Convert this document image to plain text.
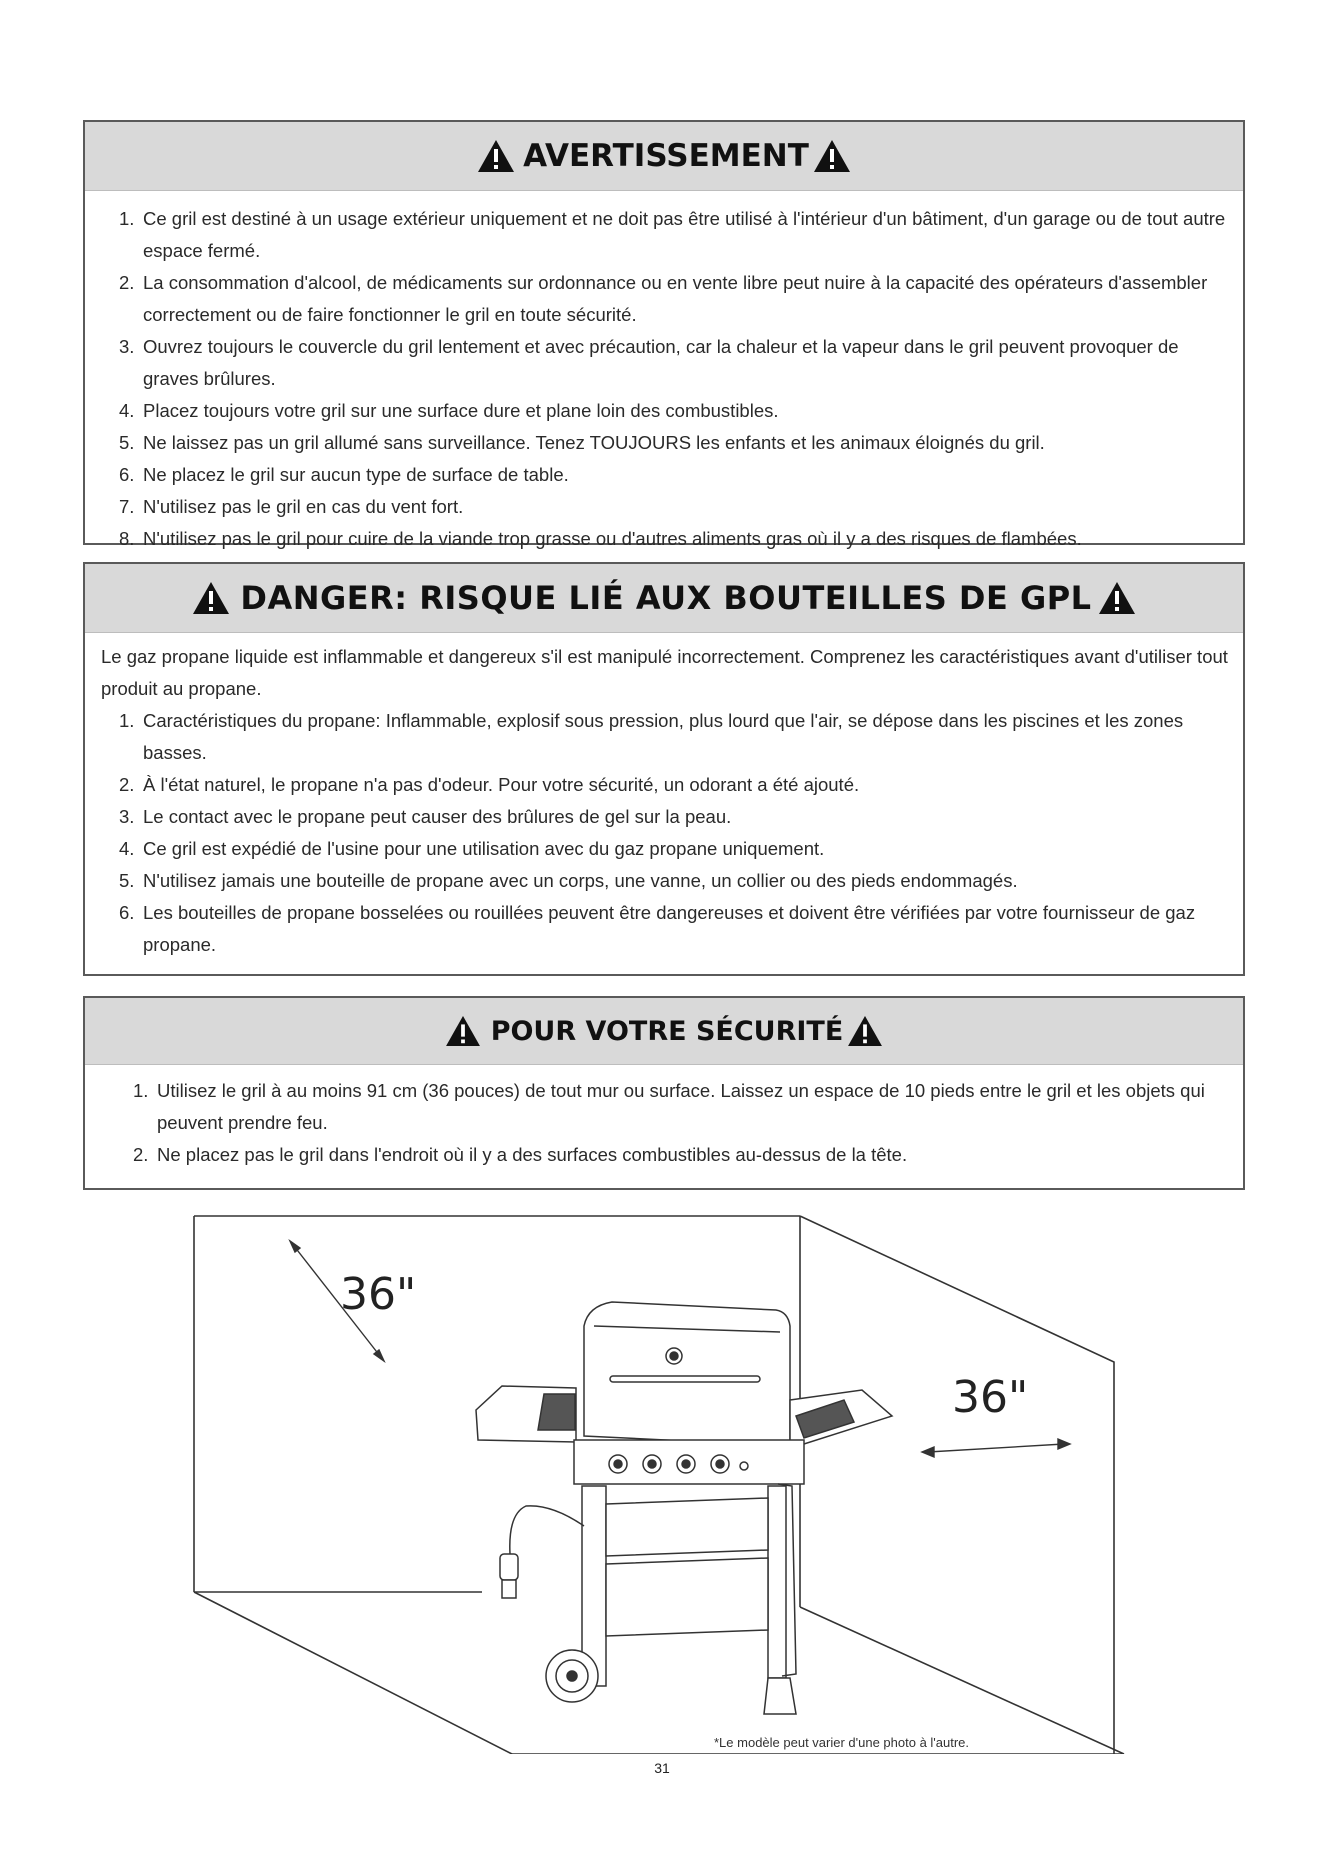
AVERTISSEMENT
1. Ce gril est destiné à un usage extérieur uniquement et ne doit pas être utilisé à l'intérieur d'un bâtiment, d'un garage ou de tout autre espace fermé.
2. La consommation d'alcool, de médicaments sur ordonnance ou en vente libre peut nuire à la capacité des opérateurs d'assembler correctement ou de faire fonctionner le gril en toute sécurité.
3. Ouvrez toujours le couvercle du gril lentement et avec précaution, car la chaleur et la vapeur dans le gril peuvent provoquer de graves brûlures.
4. Placez toujours votre gril sur une surface dure et plane loin des combustibles.
5. Ne laissez pas un gril allumé sans surveillance. Tenez TOUJOURS les enfants et les animaux éloignés du gril.
6. Ne placez le gril sur aucun type de surface de table.
7. N'utilisez pas le gril en cas du vent fort.
8. N'utilisez pas le gril pour cuire de la viande trop grasse ou d'autres aliments gras où il y a des risques de flambées.
DANGER: RISQUE LIÉ AUX BOUTEILLES DE GPL
Le gaz propane liquide est inflammable et dangereux s'il est manipulé incorrectement. Comprenez les caractéristiques avant d'utiliser tout produit au propane.
1. Caractéristiques du propane: Inflammable, explosif sous pression, plus lourd que l'air, se dépose dans les piscines et les zones basses.
2. À l'état naturel, le propane n'a pas d'odeur. Pour votre sécurité, un odorant a été ajouté.
3. Le contact avec le propane peut causer des brûlures de gel sur la peau.
4. Ce gril est expédié de l'usine pour une utilisation avec du gaz propane uniquement.
5. N'utilisez jamais une bouteille de propane avec un corps, une vanne, un collier ou des pieds endommagés.
6. Les bouteilles de propane bosselées ou rouillées peuvent être dangereuses et doivent être vérifiées par votre fournisseur de gaz propane.
POUR VOTRE SÉCURITÉ
1. Utilisez le gril à au moins 91 cm (36 pouces) de tout mur ou surface. Laissez un espace de 10 pieds entre le gril et les objets qui peuvent prendre feu.
2. Ne placez pas le gril dans l'endroit où il y a des surfaces combustibles au-dessus de la tête.
36"
36"
*Le modèle peut varier d'une photo à l'autre.
31
